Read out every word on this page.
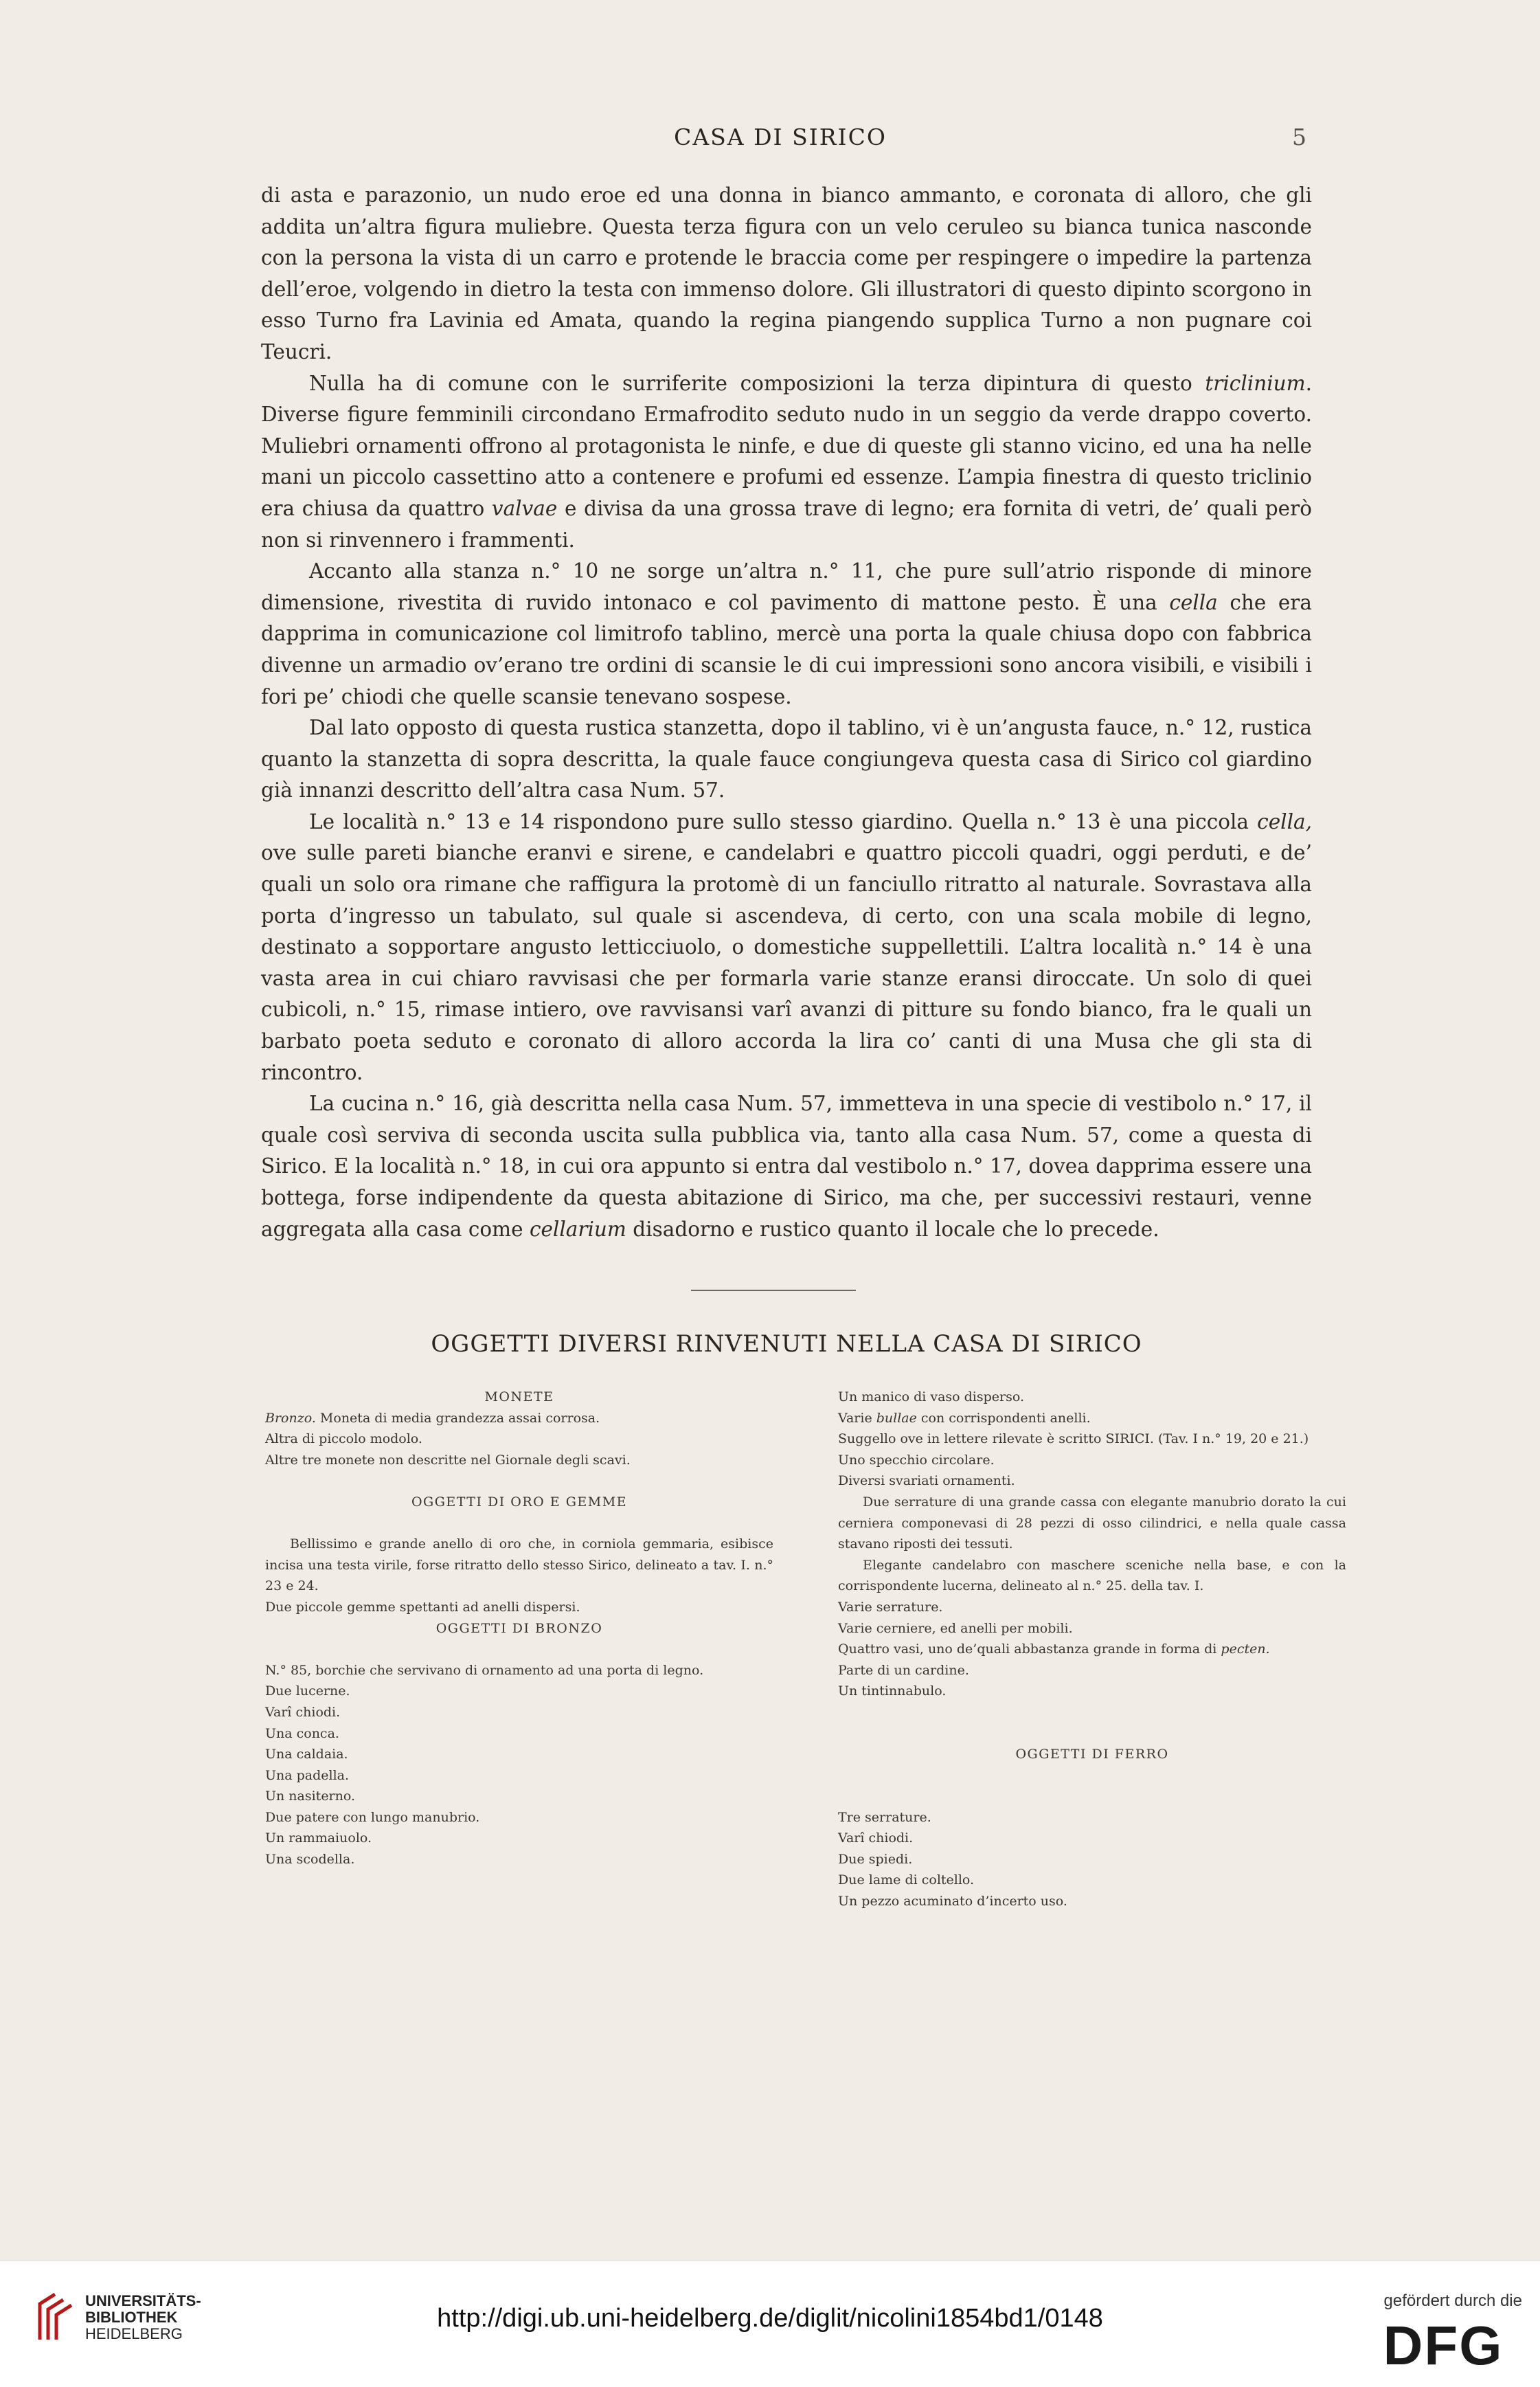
CASA DI SIRICO	5

di asta e parazonio, un nudo eroe ed una donna in bianco ammanto, e coronata di alloro, che gli addita un’altra figura muliebre. Questa terza figura con un velo ceruleo su bianca tunica nasconde con la persona la vista di un carro e protende le braccia come per respingere o impedire la partenza dell’eroe, volgendo in dietro la testa con immenso dolore. Gli illustratori di questo dipinto scorgono in esso Turno fra Lavinia ed Amata, quando la regina piangendo supplica Turno a non pugnare coi Teucri.

Nulla ha di comune con le surriferite composizioni la terza dipintura di questo triclinium. Diverse figure femminili circondano Ermafrodito seduto nudo in un seggio da verde drappo coverto. Muliebri ornamenti offrono al protagonista le ninfe, e due di queste gli stanno vicino, ed una ha nelle mani un piccolo cassettino atto a contenere e profumi ed essenze. L’ampia finestra di questo triclinio era chiusa da quattro valvae e divisa da una grossa trave di legno; era fornita di vetri, de’ quali però non si rinvennero i frammenti.

Accanto alla stanza n.° 10 ne sorge un’altra n.° 11, che pure sull’atrio risponde di minore dimensione, rivestita di ruvido intonaco e col pavimento di mattone pesto. È una cella che era dapprima in comunicazione col limitrofo tablino, mercè una porta la quale chiusa dopo con fabbrica divenne un armadio ov’erano tre ordini di scansie le di cui impressioni sono ancora visibili, e visibili i fori pe’ chiodi che quelle scansie tenevano sospese.

Dal lato opposto di questa rustica stanzetta, dopo il tablino, vi è un’angusta fauce, n.° 12, rustica quanto la stanzetta di sopra descritta, la quale fauce congiungeva questa casa di Sirico col giardino già innanzi descritto dell’altra casa Num. 57.

Le località n.° 13 e 14 rispondono pure sullo stesso giardino. Quella n.° 13 è una piccola cella, ove sulle pareti bianche eranvi e sirene, e candelabri e quattro piccoli quadri, oggi perduti, e de’ quali un solo ora rimane che raffigura la protomè di un fanciullo ritratto al naturale. Sovrastava alla porta d’ingresso un tabulato, sul quale si ascendeva, di certo, con una scala mobile di legno, destinato a sopportare angusto letticciuolo, o domestiche suppellettili. L’altra località n.° 14 è una vasta area in cui chiaro ravvisasi che per formarla varie stanze eransi diroccate. Un solo di quei cubicoli, n.° 15, rimase intiero, ove ravvisansi varî avanzi di pitture su fondo bianco, fra le quali un barbato poeta seduto e coronato di alloro accorda la lira co’ canti di una Musa che gli sta di rincontro.

La cucina n.° 16, già descritta nella casa Num. 57, immetteva in una specie di vestibolo n.° 17, il quale così serviva di seconda uscita sulla pubblica via, tanto alla casa Num. 57, come a questa di Sirico. E la località n.° 18, in cui ora appunto si entra dal vestibolo n.° 17, dovea dapprima essere una bottega, forse indipendente da questa abitazione di Sirico, ma che, per successivi restauri, venne aggregata alla casa come cellarium disadorno e rustico quanto il locale che lo precede.

OGGETTI DIVERSI RINVENUTI NELLA CASA DI SIRICO
MONETE
Bronzo. Moneta di media grandezza assai corrosa.
Altra di piccolo modolo.
Altre tre monete non descritte nel Giornale degli scavi.
OGGETTI DI ORO E GEMME
Bellissimo e grande anello di oro che, in corniola gemmaria, esibisce incisa una testa virile, forse ritratto dello stesso Sirico, delineato a tav. I. n.° 23 e 24.
Due piccole gemme spettanti ad anelli dispersi.
OGGETTI DI BRONZO
N.° 85, borchie che servivano di ornamento ad una porta di legno.
Due lucerne.
Varî chiodi.
Una conca.
Una caldaia.
Una padella.
Un nasiterno.
Due patere con lungo manubrio.
Un rammaiuolo.
Una scodella.
Un manico di vaso disperso.
Varie bullae con corrispondenti anelli.
Suggello ove in lettere rilevate è scritto SIRICI. (Tav. I n.° 19, 20 e 21.)
Uno specchio circolare.
Diversi svariati ornamenti.
Due serrature di una grande cassa con elegante manubrio dorato la cui cerniera componevasi di 28 pezzi di osso cilindrici, e nella quale cassa stavano riposti dei tessuti.
Elegante candelabro con maschere sceniche nella base, e con la corrispondente lucerna, delineato al n.° 25. della tav. I.
Varie serrature.
Varie cerniere, ed anelli per mobili.
Quattro vasi, uno de’quali abbastanza grande in forma di pecten.
Parte di un cardine.
Un tintinnabulo.
OGGETTI DI FERRO
Tre serrature.
Varî chiodi.
Due spiedi.
Due lame di coltello.
Un pezzo acuminato d’incerto uso.
UNIVERSITÄTS-
BIBLIOTHEK
HEIDELBERG
http://digi.ub.uni-heidelberg.de/diglit/nicolini1854bd1/0148
gefördert durch die
DFG
